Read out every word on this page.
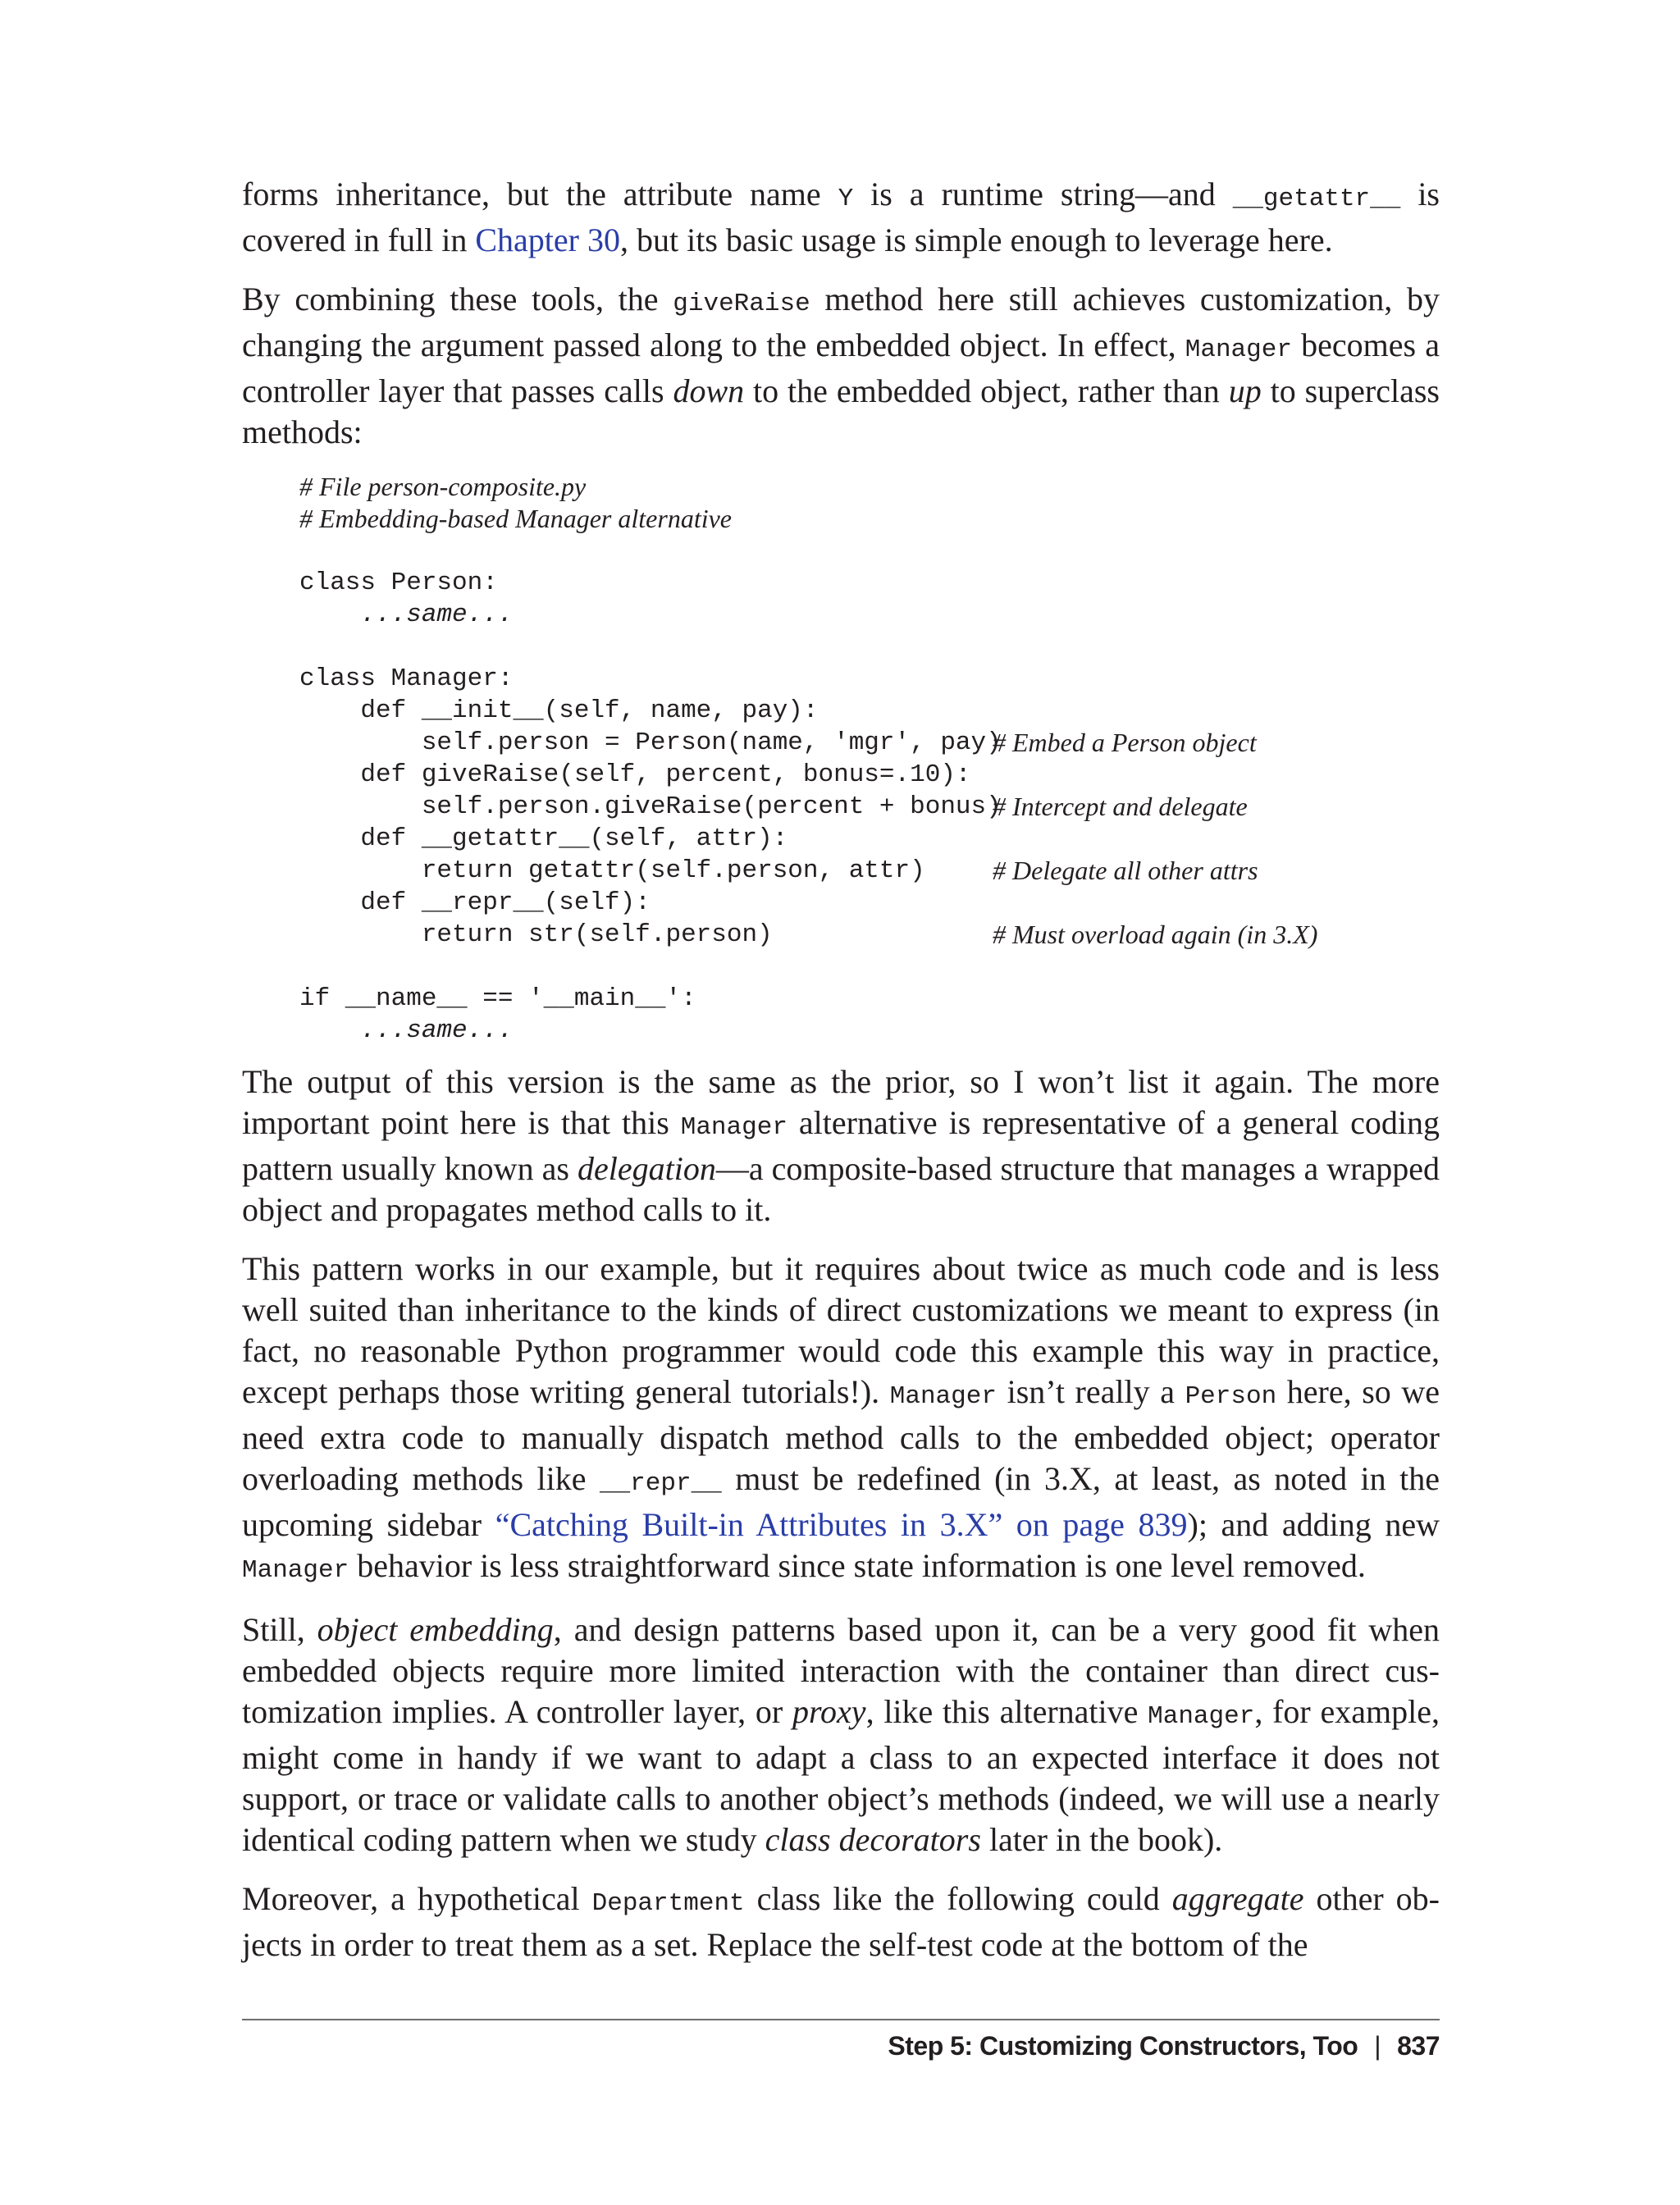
forms inheritance, but the attribute name Y is a runtime string—and __getattr__ is covered in full in Chapter 30, but its basic usage is simple enough to leverage here.

By combining these tools, the giveRaise method here still achieves customization, by changing the argument passed along to the embedded object. In effect, Manager becomes a controller layer that passes calls down to the embedded object, rather than up to superclass methods:

# File person-composite.py
# Embedding-based Manager alternative
class Person:
...same...
class Manager:
def __init__(self, name, pay):
self.person = Person(name, 'mgr', pay)
# Embed a Person object
def giveRaise(self, percent, bonus=.10):
self.person.giveRaise(percent + bonus)
# Intercept and delegate
def __getattr__(self, attr):
return getattr(self.person, attr)	# Delegate all other attrs
def __repr__(self):
return str(self.person)	# Must overload again (in 3.X)
if __name__ == '__main__':
...same...

The output of this version is the same as the prior, so I won’t list it again. The more important point here is that this Manager alternative is representative of a general coding pattern usually known as delegation—a composite-based structure that manages a wrapped object and propagates method calls to it.

This pattern works in our example, but it requires about twice as much code and is less well suited than inheritance to the kinds of direct customizations we meant to express (in fact, no reasonable Python programmer would code this example this way in practice, except perhaps those writing general tutorials!). Manager isn’t really a Person here, so we need extra code to manually dispatch method calls to the embedded object; operator overloading methods like __repr__ must be redefined (in 3.X, at least, as noted in the upcoming sidebar “Catching Built-in Attributes in 3.X” on page 839); and adding new Manager behavior is less straightforward since state information is one level removed.

Still, object embedding, and design patterns based upon it, can be a very good fit when embedded objects require more limited interaction with the container than direct customization implies. A controller layer, or proxy, like this alternative Manager, for example, might come in handy if we want to adapt a class to an expected interface it does not support, or trace or validate calls to another object’s methods (indeed, we will use a nearly identical coding pattern when we study class decorators later in the book).

Moreover, a hypothetical Department class like the following could aggregate other objects in order to treat them as a set. Replace the self-test code at the bottom of the

Step 5: Customizing Constructors, Too | 837
